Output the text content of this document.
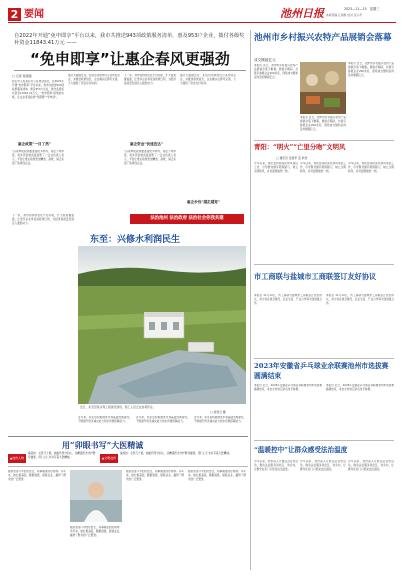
2 要闻	池州日报	2023—11—15　星期三
本版责编 江雨航 校对 张小平
自2022年开通“免申即享”平台以来，我市共推送943项政策服务清单，惠及953户企业，拨付各级奖补资金11843.41万元 ——
“免申即享”让惠企春风更强劲
□ 记者 程国锋
我们市人民政府办公室得到消息，自2022年开通“免申即享”平台以来，我市共推送943项政策服务清单，惠及953户企业，拨付各级奖补资金11843.41万元。“免申即享”政策的实施，让企业享受政策“零跑腿”“零申请”。
惠企政策“一目了然”
“以前申报政策要准备很多材料，现在不用申报，奖补资金就直接到账了。”企业负责人表示，平台让惠企政策更加精准、高效，真正实现了政策找企业。
通过大数据比对，系统自动筛选符合条件的企业，并推送政策信息，企业确认后即可兑现，大大缩短了资金兑付时间。
下一步，我市将持续优化平台功能，扩大政策覆盖面，让更多企业享受到政策红利，为经济高质量发展注入强劲动力。
惠企资金“快速直达”
“以前申报政策要准备很多材料，现在不用申报，奖补资金就直接到账了。”企业负责人表示，平台让惠企政策更加精准、高效，真正实现了政策找企业。
通过大数据比对，系统自动筛选符合条件的企业，并推送政策信息，企业确认后即可兑现，大大缩短了资金兑付时间。
惠企步伐“越走越宽”
池州市乡村振兴农特产品展销会落幕
成交额超亿元
本报讯 近日，池州市乡村振兴农特产品展销会落下帷幕。展销会期间，共吸引参展企业200余家，现场成交额和意向签约额超亿元。
本报讯 近日，池州市乡村振兴农特产品展销会落下帷幕。展销会期间，共吸引参展企业200余家，现场成交额和意向签约额超亿元。
本报讯 近日，池州市乡村振兴农特产品展销会落下帷幕。展销会期间，共吸引参展企业200余家，现场成交额和意向签约额超亿元。
青阳：“明火”“亡里分吻”文明风
□ 通讯员 吴胜军 张 秋雪
今年以来，青阳县持续深化移风易俗工作，引导群众摒弃陈规陋习，树立文明新风，乡村面貌焕然一新。
今年以来，青阳县持续深化移风易俗工作，引导群众摒弃陈规陋习，树立文明新风，乡村面貌焕然一新。
今年以来，青阳县持续深化移风易俗工作，引导群众摒弃陈规陋习，树立文明新风，乡村面貌焕然一新。
市工商联与盐城市工商联签订友好协议
本报讯 11月14日，市工商联与盐城市工商联签订友好协议，双方将在商会建设、企业交流、产业合作等方面加强合作。
本报讯 11月14日，市工商联与盐城市工商联签订友好协议，双方将在商会建设、企业交流、产业合作等方面加强合作。
2023年安徽省乒乓球业余联赛池州市选拔赛圆满结束
本报讯 近日，2023年安徽省乒乓球业余联赛池州市选拔赛圆满结束，来自全市的百余名选手参赛。
本报讯 近日，2023年安徽省乒乓球业余联赛池州市选拔赛圆满结束，来自全市的百余名选手参赛。
“温暖控中”让群众感受法治温度
今年以来，我市深入开展法治宣传活动，推动法治服务进社区、进乡村，让群众在家门口感受法治温度。
今年以来，我市深入开展法治宣传活动，推动法治服务进社区、进乡村，让群众在家门口感受法治温度。
今年以来，我市深入开展法治宣传活动，推动法治服务进社区、进乡村，让群众在家门口感受法治温度。
法治池州 法治政府 法治社会你我共建
东至：兴修水利润民生
近日，东至县某水利工程建设现场，施工人员正在加紧作业。
□ 刘雪云 摄
近年来，东至县积极推进水利基础设施建设，不断提升防洪减灾能力和水资源保障能力。
近年来，东至县积极推进水利基础设施建设，不断提升防洪减灾能力和水资源保障能力。
近年来，东至县积极推进水利基础设施建设，不断提升防洪减灾能力和水资源保障能力。
下一步，我市将持续优化平台功能，扩大政策覆盖面，让更多企业享受到政策红利，为经济高质量发展注入强劲动力。
用“卯眼书写”大医精诚
▲池州人物	▲文明池州
编者按：从医几十载，她始终坚守初心，以精湛医术守护群众健康，用仁心仁术书写着大医精诚。
编者按：从医几十载，她始终坚守初心，以精湛医术守护群众健康，用仁心仁术书写着大医精诚。
她是患者口中的好医生，同事眼里的好榜样。多年来，她扎根基层，勤勤恳恳，兢兢业业，赢得了群众的广泛赞誉。
她是患者口中的好医生，同事眼里的好榜样。多年来，她扎根基层，勤勤恳恳，兢兢业业，赢得了群众的广泛赞誉。
她是患者口中的好医生，同事眼里的好榜样。多年来，她扎根基层，勤勤恳恳，兢兢业业，赢得了群众的广泛赞誉。
她是患者口中的好医生，同事眼里的好榜样。多年来，她扎根基层，勤勤恳恳，兢兢业业，赢得了群众的广泛赞誉。
